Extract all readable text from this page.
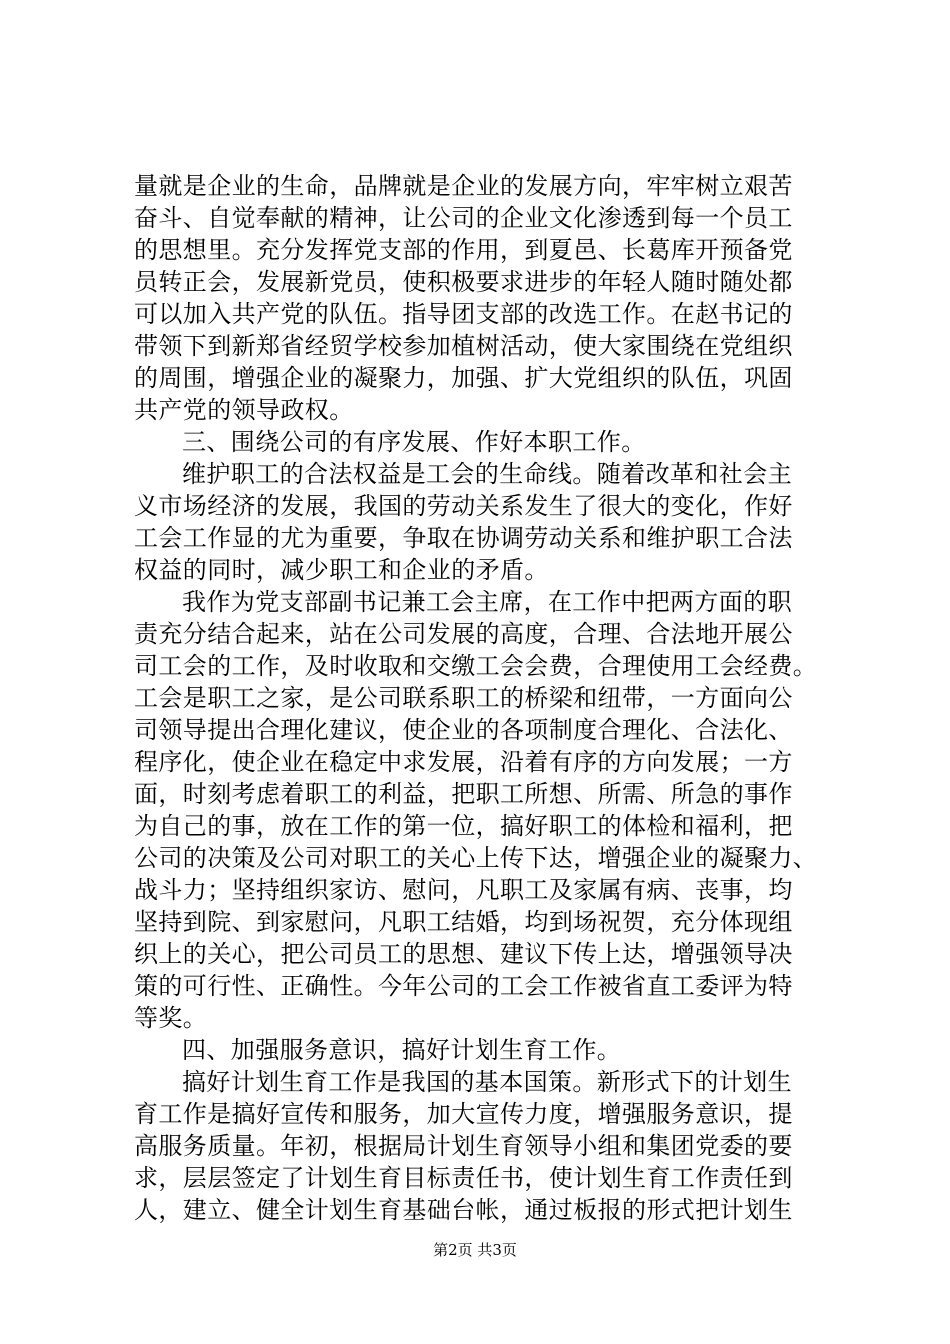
量就是企业的生命，品牌就是企业的发展方向，牢牢树立艰苦
奋斗、自觉奉献的精神，让公司的企业文化渗透到每一个员工
的思想里。充分发挥党支部的作用，到夏邑、长葛库开预备党
员转正会，发展新党员，使积极要求进步的年轻人随时随处都
可以加入共产党的队伍。指导团支部的改选工作。在赵书记的
带领下到新郑省经贸学校参加植树活动，使大家围绕在党组织
的周围，增强企业的凝聚力，加强、扩大党组织的队伍，巩固
共产党的领导政权。
三、围绕公司的有序发展、作好本职工作。
维护职工的合法权益是工会的生命线。随着改革和社会主
义市场经济的发展，我国的劳动关系发生了很大的变化，作好
工会工作显的尤为重要，争取在协调劳动关系和维护职工合法
权益的同时，减少职工和企业的矛盾。
我作为党支部副书记兼工会主席，在工作中把两方面的职
责充分结合起来，站在公司发展的高度，合理、合法地开展公
司工会的工作，及时收取和交缴工会会费，合理使用工会经费。
工会是职工之家，是公司联系职工的桥梁和纽带，一方面向公
司领导提出合理化建议，使企业的各项制度合理化、合法化、
程序化，使企业在稳定中求发展，沿着有序的方向发展；一方
面，时刻考虑着职工的利益，把职工所想、所需、所急的事作
为自己的事，放在工作的第一位，搞好职工的体检和福利，把
公司的决策及公司对职工的关心上传下达，增强企业的凝聚力、
战斗力；坚持组织家访、慰问，凡职工及家属有病、丧事，均
坚持到院、到家慰问，凡职工结婚，均到场祝贺，充分体现组
织上的关心，把公司员工的思想、建议下传上达，增强领导决
策的可行性、正确性。今年公司的工会工作被省直工委评为特
等奖。
四、加强服务意识，搞好计划生育工作。
搞好计划生育工作是我国的基本国策。新形式下的计划生
育工作是搞好宣传和服务，加大宣传力度，增强服务意识，提
高服务质量。年初，根据局计划生育领导小组和集团党委的要
求，层层签定了计划生育目标责任书，使计划生育工作责任到
人，建立、健全计划生育基础台帐，通过板报的形式把计划生
第2页 共3页
